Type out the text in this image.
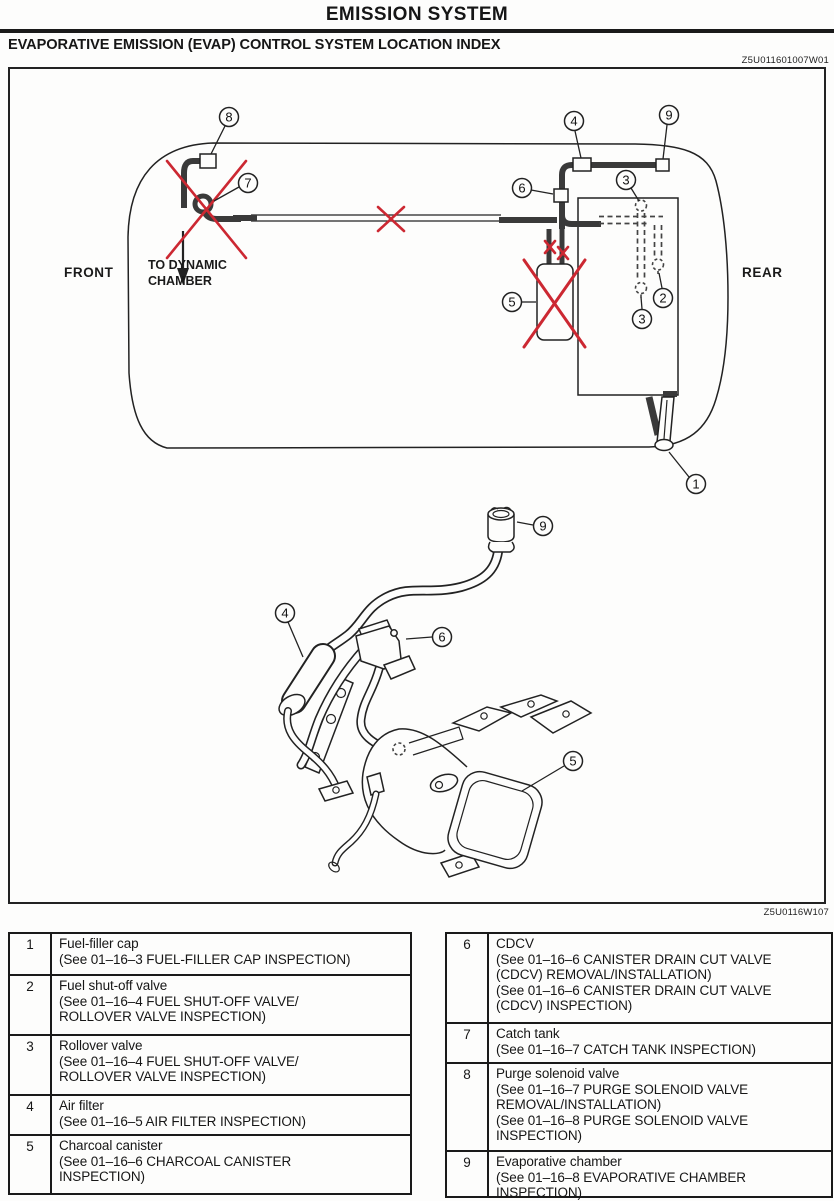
EMISSION SYSTEM
EVAPORATIVE EMISSION (EVAP) CONTROL SYSTEM LOCATION INDEX
Z5U011601007W01
FRONT	REAR
TO DYNAMIC
CHAMBER
8
7
4	9
6
3
2
3
5
1
9
4
6
5
Z5U0116W107
1	Fuel-filler cap
(See 01–16–3 FUEL-FILLER CAP INSPECTION)
2	Fuel shut-off valve
(See 01–16–4 FUEL SHUT-OFF VALVE/
ROLLOVER VALVE INSPECTION)
3	Rollover valve
(See 01–16–4 FUEL SHUT-OFF VALVE/
ROLLOVER VALVE INSPECTION)
4	Air filter
(See 01–16–5 AIR FILTER INSPECTION)
5	Charcoal canister
(See 01–16–6 CHARCOAL CANISTER
INSPECTION)
6	CDCV
(See 01–16–6 CANISTER DRAIN CUT VALVE
(CDCV) REMOVAL/INSTALLATION)
(See 01–16–6 CANISTER DRAIN CUT VALVE
(CDCV) INSPECTION)
7	Catch tank
(See 01–16–7 CATCH TANK INSPECTION)
8	Purge solenoid valve
(See 01–16–7 PURGE SOLENOID VALVE
REMOVAL/INSTALLATION)
(See 01–16–8 PURGE SOLENOID VALVE
INSPECTION)
9	Evaporative chamber
(See 01–16–8 EVAPORATIVE CHAMBER
INSPECTION)
